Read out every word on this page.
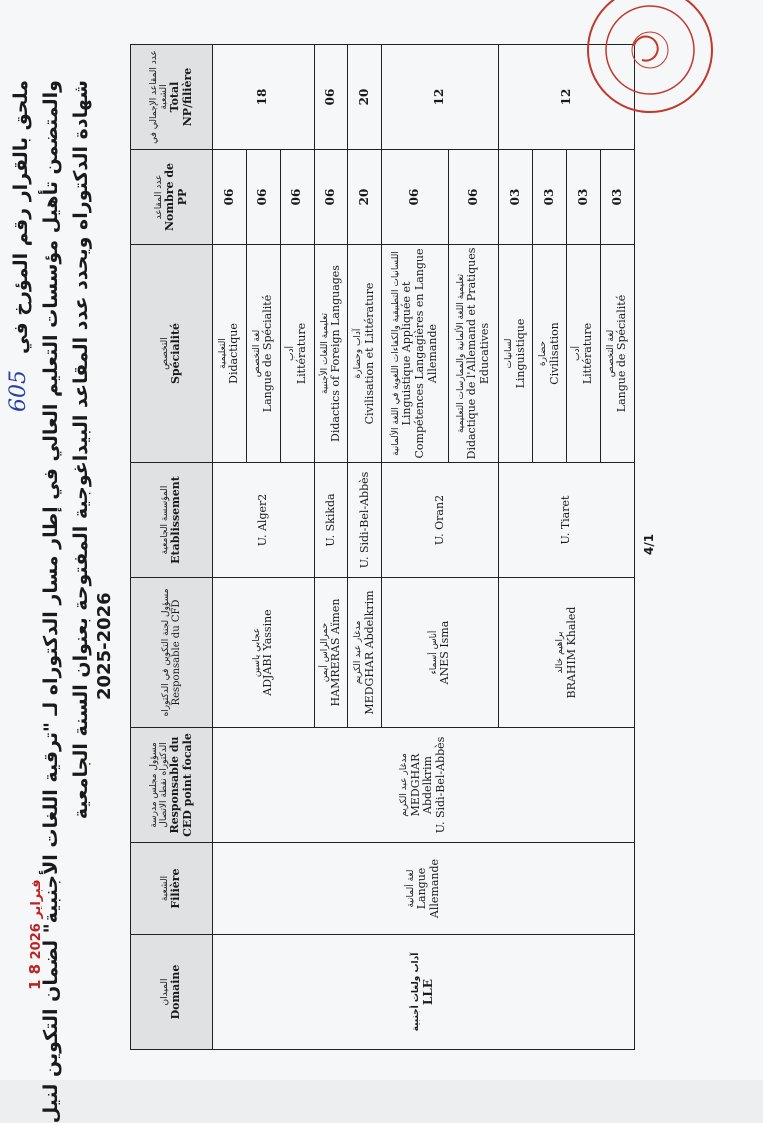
ملحق بالقرار رقم المؤرخ في
605 والمتضمن تأهيل مؤسسات التعليم العالي في إطار مسار الدكتوراه لـ "ترقية اللغات الأجنبية" لضمان التكوين لنيل شهادة الدكتوراه ويحدد عدد المقاعد البيداغوجية المفتوحة بعنوان السنة الجامعية 2025-2026
1 8 2026 فبراير
الميدان Domaine	الشعبة Filière	مسؤول مجلس مدرسة الدكتوراه نقطة الاتصال Responsable du CED point focale	مسؤول لجنة التكوين في الدكتوراه Responsable du CFD	المؤسسة الجامعية Etablissement	التخصص Spécialité	عدد المقاعد Nombre de PP	عدد المقاعد الإجمالي في الشعبة Total NP/filière

آداب ولغات أجنبية LLE	لغة ألمانية Langue Allemande	مدغار عبد الكريم MEDGHAR Abdelkrim U. Sidi-Bel-Abbès	عجابي ياسين ADJABI Yassine	U. Alger2	التعليمية Didactique	06	18

					لغة التخصص Langue de Spécialité	06	

					أدب Littérature	06	

			حمرالراس أيمن HAMRERAS Aïmen	U. Skikda	تعليمية اللغات الأجنبية Didactics of Foreign Languages	06	06

			مدغار عبد الكريم MEDGHAR Abdelkrim	U. Sidi-Bel-Abbès	آداب وحضارة Civilisation et Littérature	20	20

			أناس أسماء ANES Isma	U. Oran2	اللسانيات التطبيقية والكفاءات اللغوية في اللغة الألمانية Linguistique Appliquée et Compétences Langagières en Langue Allemande	06	12

					تعليمية اللغة الألمانية والممارسات التعليمية Didactique de l'Allemand et Pratiques Educatives	06	

			براهيم خالد BRAHIM Khaled	U. Tiaret	لسانيات Linguistique	03	12

					حضارة Civilisation	03	

					أدب Littérature	03	

					لغة التخصص Langue de Spécialité	03	
4/1
